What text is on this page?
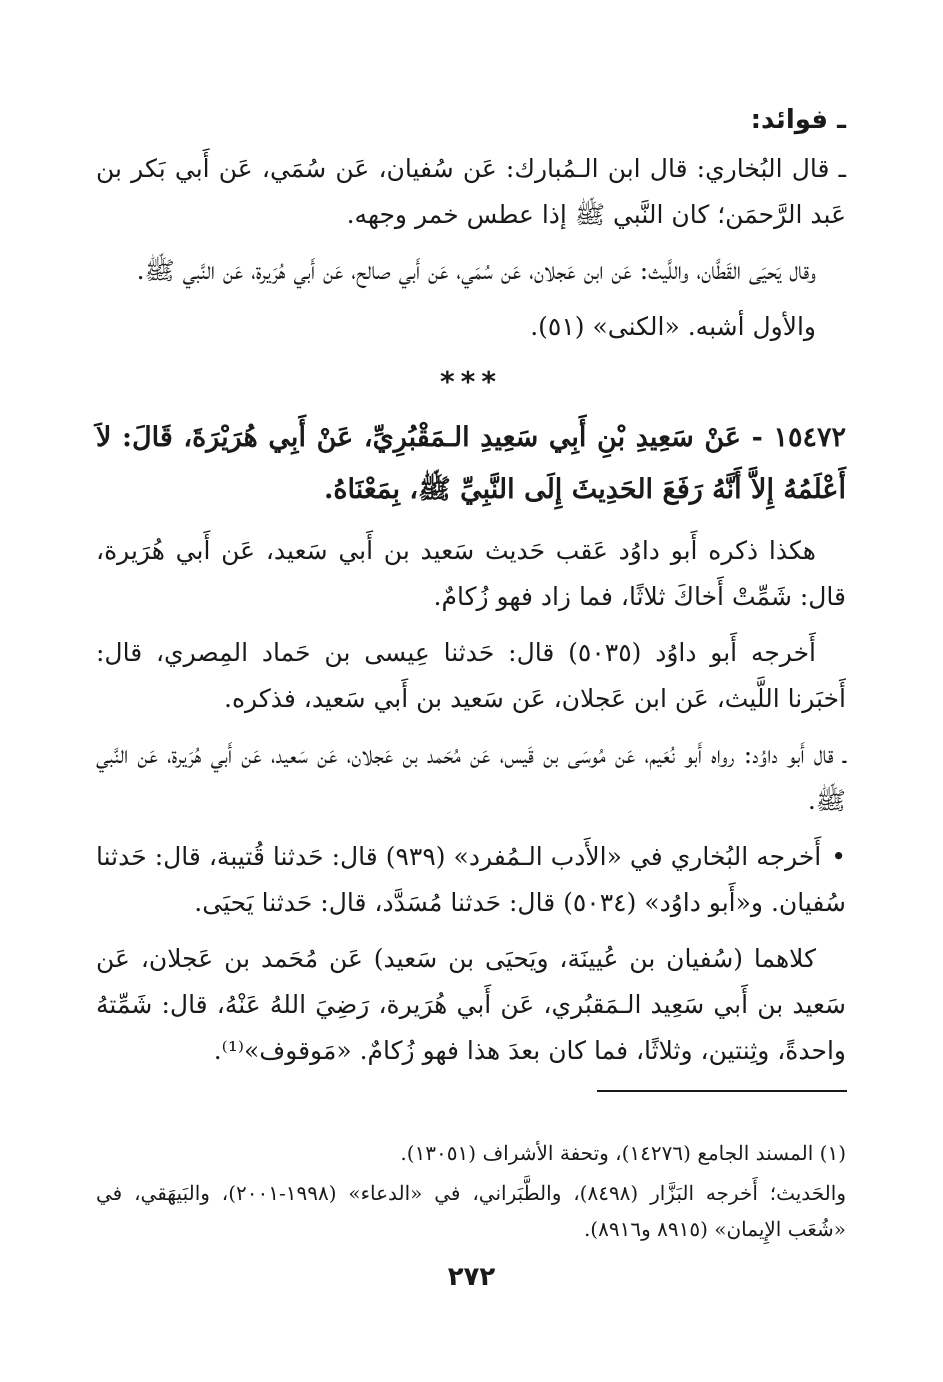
ـ فوائد:

ـ قال البُخاري: قال ابن الـمُبارك: عَن سُفيان، عَن سُمَي، عَن أَبي بَكر بن عَبد الرَّحمَن؛ كان النَّبي ﷺ إذا عطس خمر وجهه.

وقال يَحيَى القَطَّان، واللَّيث: عَن ابن عَجلان، عَن سُمَي، عَن أَبي صالح، عَن أَبي هُرَيرة، عَن النَّبي ﷺ.

والأول أشبه. «الكنى» (٥١).

***

١٥٤٧٢ - عَنْ سَعِيدِ بْنِ أَبِي سَعِيدِ الـمَقْبُرِيِّ، عَنْ أَبِي هُرَيْرَةَ، قَالَ: لاَ أَعْلَمُهُ إِلاَّ أَنَّهُ رَفَعَ الحَدِيثَ إِلَى النَّبِيِّ ﷺ، بِمَعْنَاهُ.

هكذا ذكره أَبو داوُد عَقب حَديث سَعيد بن أَبي سَعيد، عَن أَبي هُرَيرة، قال: شَمِّتْ أَخاكَ ثلاثًا، فما زاد فهو زُكامٌ.

أَخرجه أَبو داوُد (٥٠٣٥) قال: حَدثنا عِيسى بن حَماد المِصري، قال: أَخبَرنا اللَّيث، عَن ابن عَجلان، عَن سَعيد بن أَبي سَعيد، فذكره.

ـ قال أَبو داوُد: رواه أَبو نُعَيم، عَن مُوسَى بن قَيس، عَن مُحَمد بن عَجلان، عَن سَعيد، عَن أَبي هُرَيرة، عَن النَّبي ﷺ.

•أَخرجه البُخاري في «الأَدب الـمُفرد» (٩٣٩) قال: حَدثنا قُتيبة، قال: حَدثنا سُفيان. و«أَبو داوُد» (٥٠٣٤) قال: حَدثنا مُسَدَّد، قال: حَدثنا يَحيَى.

كلاهما (سُفيان بن عُيينَة، ويَحيَى بن سَعيد) عَن مُحَمد بن عَجلان، عَن سَعيد بن أَبي سَعِيد الـمَقبُري، عَن أَبي هُرَيرة، رَضِيَ اللهُ عَنْهُ، قال: شَمِّتهُ واحدةً، وثِنتين، وثلاثًا، فما كان بعدَ هذا فهو زُكامٌ. «مَوقوف»⁽¹⁾.

(١) المسند الجامع (١٤٢٧٦)، وتحفة الأشراف (١٣٠٥١).

والحَديث؛ أَخرجه البَزَّار (٨٤٩٨)، والطَّبَراني، في «الدعاء» (١٩٩٨-٢٠٠١)، والبَيهَقي، في «شُعَب الإِيمان» (٨٩١٥ و٨٩١٦).

٢٧٢
